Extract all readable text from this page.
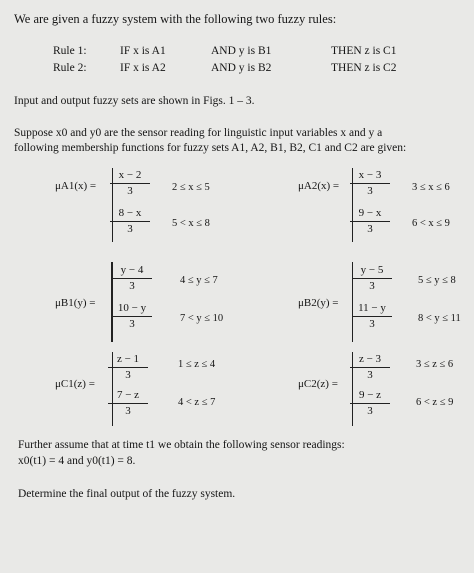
We are given a fuzzy system with the following two fuzzy rules:
Rule 1:	IF x is A1	AND y is B1	THEN z is C1
Rule 2:	IF x is A2	AND y is B2	THEN z is C2
Input and output fuzzy sets are shown in Figs. 1 – 3.
Suppose x0 and y0 are the sensor reading for linguistic input variables x and y a
following membership functions for fuzzy sets A1, A2, B1, B2, C1 and C2 are given:
μA1(x) =
x − 2
3	2 ≤ x ≤ 5
8 − x
3	5 < x ≤ 8
μA2(x) =
x − 3
3	3 ≤ x ≤ 6
9 − x
3	6 < x ≤ 9
μB1(y) =
y − 4
3	4 ≤ y ≤ 7
10 − y
3	7 < y ≤ 10
μB2(y) =
y − 5
3	5 ≤ y ≤ 8
11 − y
3	8 < y ≤ 11
μC1(z) =
z − 1
3
1 ≤ z ≤ 4
7 − z
3
4 < z ≤ 7
μC2(z) =
z − 3
3
3 ≤ z ≤ 6
9 − z
3
6 < z ≤ 9
Further assume that at time t1 we obtain the following sensor readings:
x0(t1) = 4 and y0(t1) = 8.
Determine the final output of the fuzzy system.
